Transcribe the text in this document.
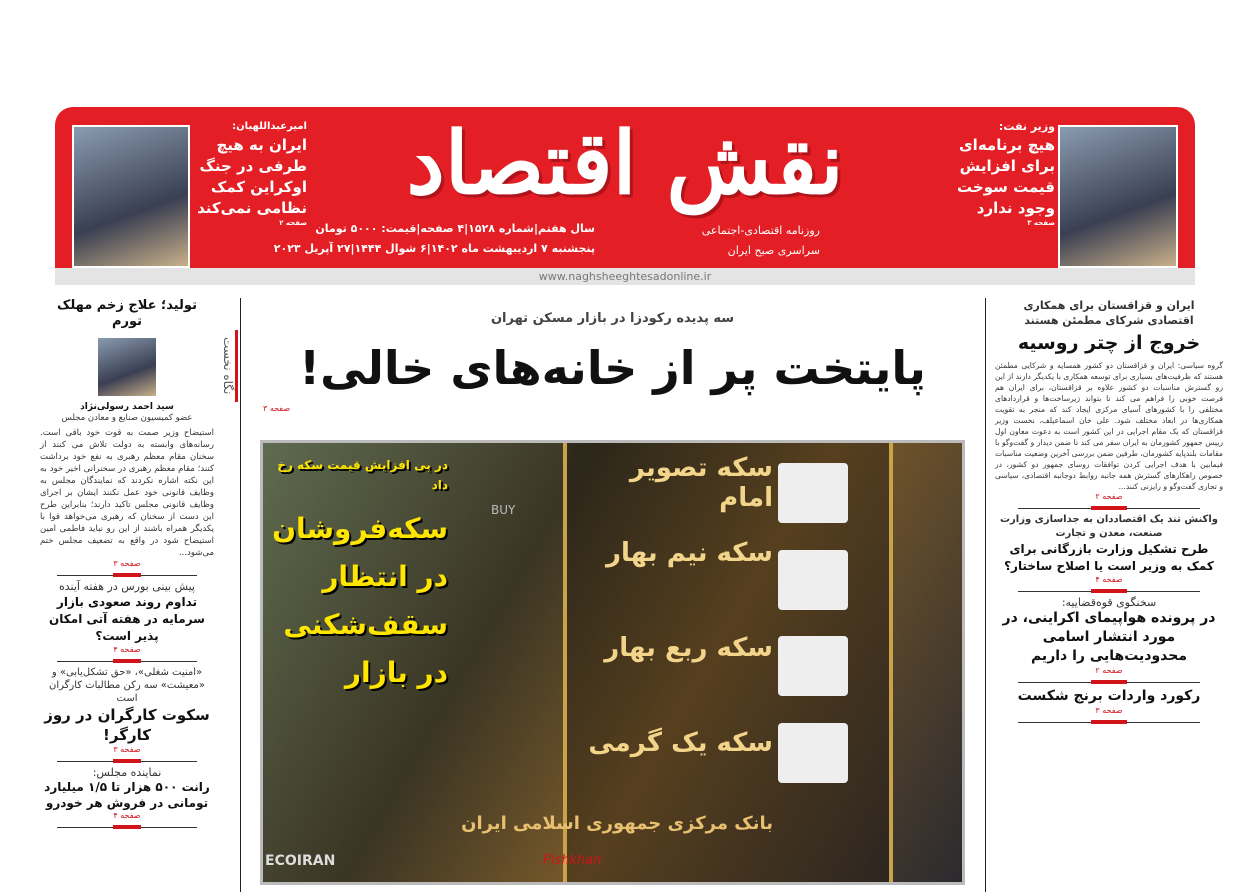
نقش اقتصاد
سال هفتم|شماره ۱۵۲۸|۴ صفحه|قیمت: ۵۰۰۰ تومان
پنجشنبه ۷ اردیبهشت ماه ۱۴۰۲|۶ شوال ۱۴۴۴|۲۷ آپریل ۲۰۲۳
روزنامه اقتصادی-اجتماعی
سراسری صبح ایران
www.naghsheeghtesadonline.ir
امیرعبداللهیان:
ایران به هیچ طرفی در جنگ اوکراین کمک نظامی نمی‌کند
صفحه ۲
وزیر نفت:
هیچ برنامه‌ای برای افزایش قیمت سوخت وجود ندارد
صفحه ۳
نگاه نخست
تولید؛ علاج زخم مهلک تورم
سید احمد رسولی‌نژاد
عضو کمیسیون صنایع و معادن مجلس
استیضاح وزیر صمت به قوت خود باقی است. رسانه‌های وابسته به دولت تلاش می کنند از سخنان مقام معظم رهبری به نفع خود برداشت کنند؛ مقام معظم رهبری در سخنرانی اخیر خود به این نکته اشاره نکردند که نمایندگان مجلس به وظایف قانونی خود عمل نکنند ایشان بر اجرای وظایف قانونی مجلس تاکید دارند؛ بنابراین طرح این دست از سخنان که رهبری می‌خواهد قوا با یکدیگر همراه باشند از این رو نباید فاطمی امین استیضاح شود در واقع به تضعیف مجلس ختم می‌شود...
صفحه ۳
پیش بینی بورس در هفته آینده
تداوم روند صعودی بازار سرمایه در هفته آتی امکان پذیر است؟
صفحه ۴
«امنیت شغلی»، «حق تشکل‌یابی» و «معیشت» سه رکن مطالبات کارگران است
سکوت کارگران در روز کارگر!
صفحه ۳
نماینده مجلس:
رانت ۵۰۰ هزار تا ۱/۵ میلیارد تومانی در فروش هر خودرو
صفحه ۴
سه پدیده رکودزا در بازار مسکن تهران
پایتخت پر از خانه‌های خالی!
صفحه ۳
سکه تصویر امام
سکه نیم بهار
سکه ربع بهار
سکه یک گرمی
BUY
بانک مرکزی جمهوری اسلامی ایران
ECOIRAN	Pishkhan
در پی افزایش قیمت سکه رخ داد
سکه‌فروشان
در انتظار
سقف‌شکنی
در بازار
ایران و قزاقستان برای همکاری اقتصادی شرکای مطمئن هستند
خروج از چتر روسیه
گروه سیاسی: ایران و قزاقستان دو کشور همسایه و شرکایی مطمئن هستند که ظرفیت‌های بسیاری برای توسعه همکاری با یکدیگر دارند از این رو گسترش مناسبات دو کشور علاوه بر قزاقستان، برای ایران هم فرصت خوبی را فراهم می کند تا بتواند زیرساخت‌ها و قراردادهای مختلفی را با کشورهای آسیای مرکزی ایجاد کند که منجر به تقویت همکاری‌ها در ابعاد مختلف شود. علی خان اسماعیلف، نخست وزیر قزاقستان که یک مقام اجرایی در این کشور است به دعوت معاون اول رییس جمهور کشورمان به ایران سفر می کند تا ضمن دیدار و گفت‌وگو با مقامات بلندپایه کشورمان، طرفین ضمن بررسی آخرین وضعیت مناسبات فیمابین با هدف اجرایی کردن توافقات روسای جمهور دو کشور، در خصوص راهکارهای گسترش همه جانبه روابط دوجانبه اقتصادی، سیاسی و تجاری گفت‌وگو و رایزنی کنند...
صفحه ۲
واکنش تند یک اقتصاددان به جداسازی وزارت صنعت، معدن و تجارت
طرح تشکیل وزارت بازرگانی برای کمک به وزیر است یا اصلاح ساختار؟
صفحه ۴
سخنگوی قوه‌قضاییه:
در پرونده هواپیمای اکراینی، در مورد انتشار اسامی محدودیت‌هایی را داریم
صفحه ۲
رکورد واردات برنج شکست
صفحه ۳
